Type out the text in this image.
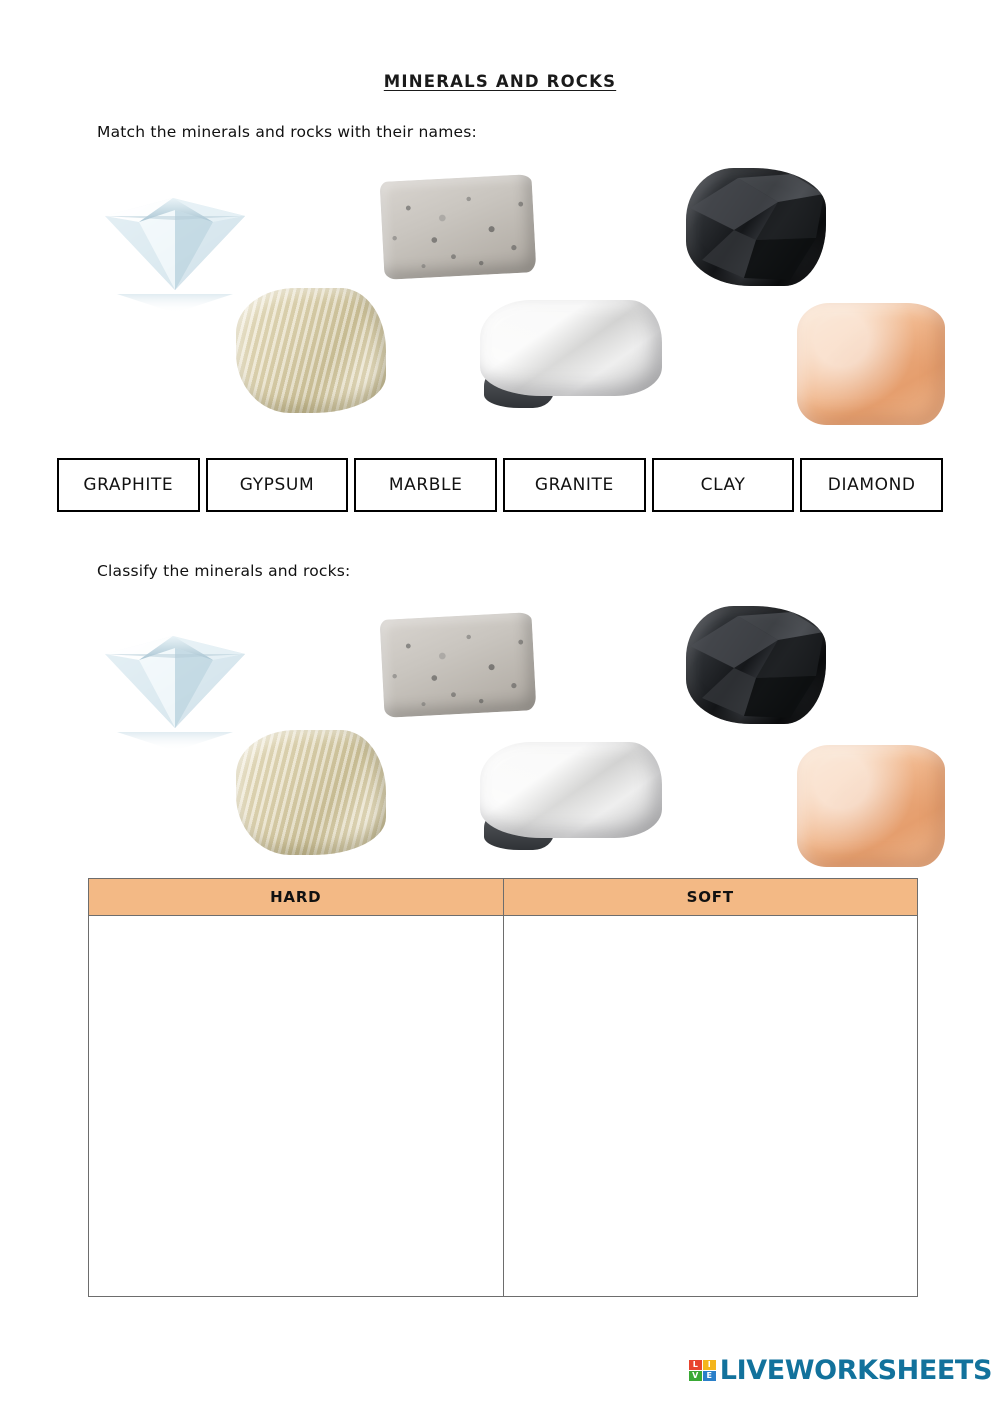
MINERALS AND ROCKS
Match the minerals and rocks with their names:
GRAPHITE	GYPSUM	MARBLE	GRANITE	CLAY	DIAMOND
Classify the minerals and rocks:
HARD	SOFT
L	I
V	E LIVEWORKSHEETS
